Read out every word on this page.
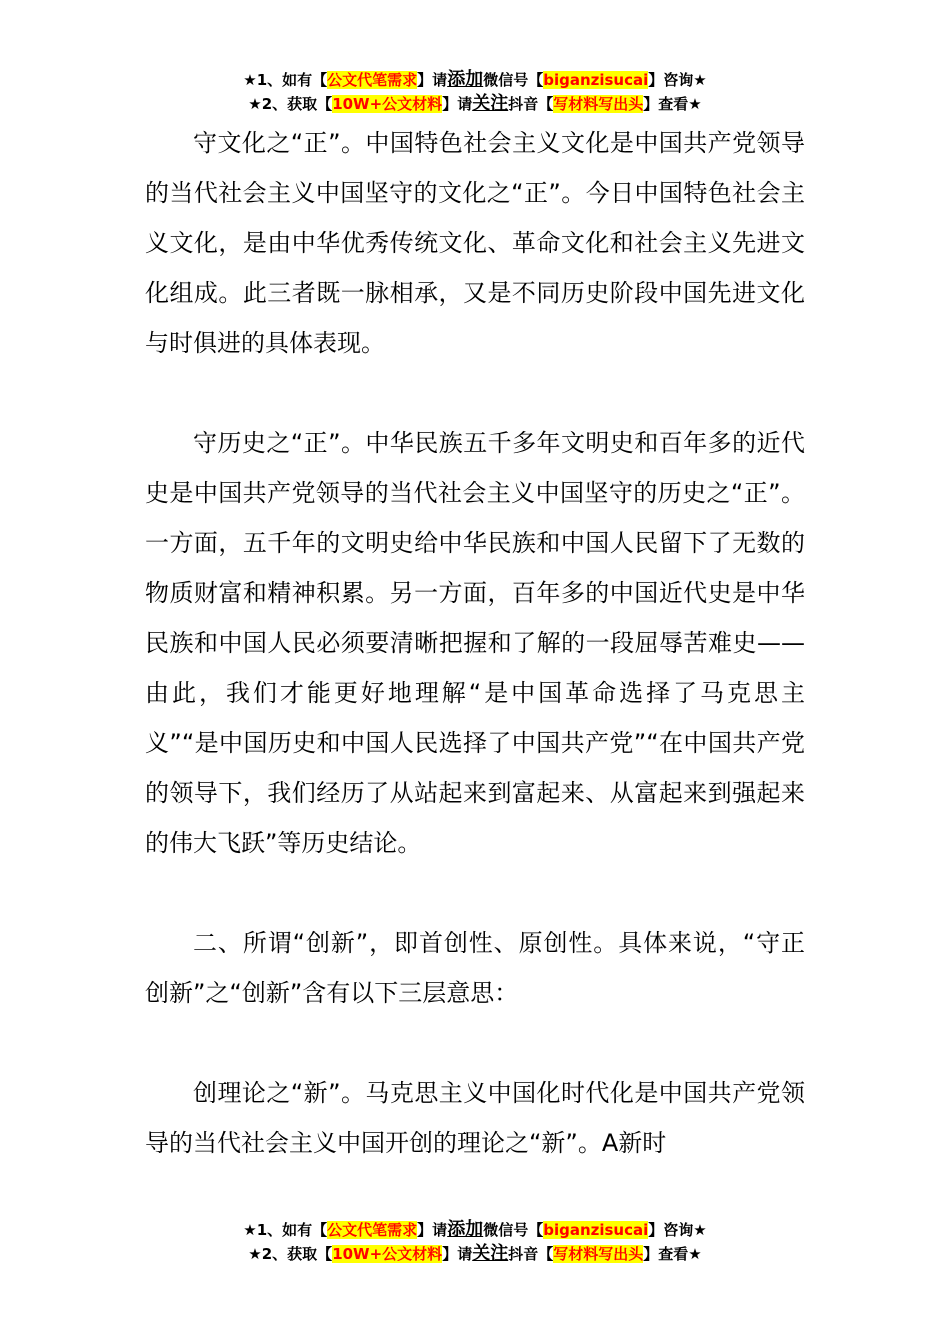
★1、如有【公文代笔需求】请添加微信号【biganzisucai】咨询★
★2、获取【10W+公文材料】请关注抖音【写材料写出头】查看★

守文化之“正”。中国特色社会主义文化是中国共产党领导的当代社会主义中国坚守的文化之“正”。今日中国特色社会主义文化，是由中华优秀传统文化、革命文化和社会主义先进文化组成。此三者既一脉相承，又是不同历史阶段中国先进文化与时俱进的具体表现。

守历史之“正”。中华民族五千多年文明史和百年多的近代史是中国共产党领导的当代社会主义中国坚守的历史之“正”。一方面，五千年的文明史给中华民族和中国人民留下了无数的物质财富和精神积累。另一方面，百年多的中国近代史是中华民族和中国人民必须要清晰把握和了解的一段屈辱苦难史——由此，我们才能更好地理解“是中国革命选择了马克思主义”“是中国历史和中国人民选择了中国共产党”“在中国共产党的领导下，我们经历了从站起来到富起来、从富起来到强起来的伟大飞跃”等历史结论。

二、所谓“创新”，即首创性、原创性。具体来说，“守正创新”之“创新”含有以下三层意思：

创理论之“新”。马克思主义中国化时代化是中国共产党领导的当代社会主义中国开创的理论之“新”。A新时

★1、如有【公文代笔需求】请添加微信号【biganzisucai】咨询★
★2、获取【10W+公文材料】请关注抖音【写材料写出头】查看★
